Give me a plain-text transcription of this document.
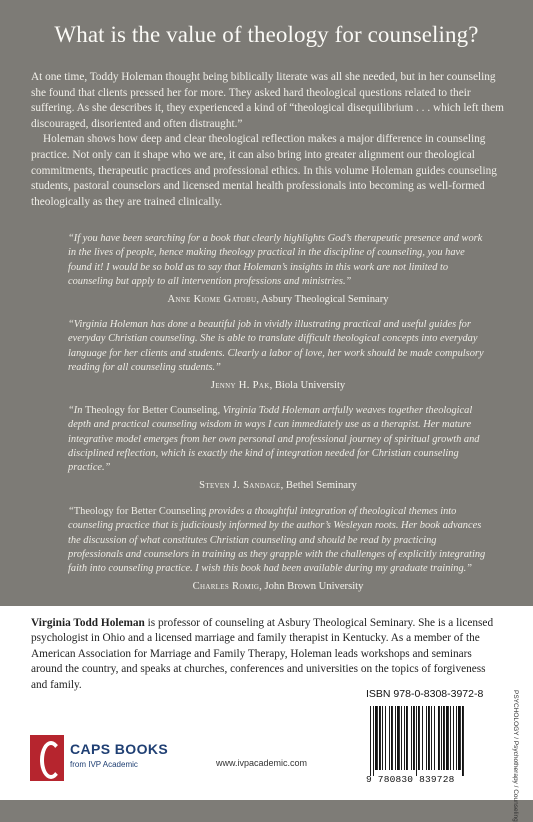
What is the value of theology for counseling?

At one time, Toddy Holeman thought being biblically literate was all she needed, but in her counseling she found that clients pressed her for more. They asked hard theological questions related to their suffering. As she describes it, they experienced a kind of “theological disequilibrium . . . which left them discouraged, disoriented and often distraught.”

Holeman shows how deep and clear theological reflection makes a major difference in counseling practice. Not only can it shape who we are, it can also bring into greater alignment our theological commitments, therapeutic practices and professional ethics. In this volume Holeman guides counseling students, pastoral counselors and licensed mental health professionals into becoming as well-formed theologically as they are trained clinically.

“If you have been searching for a book that clearly highlights God’s therapeutic presence and work in the lives of people, hence making theology practical in the discipline of counseling, you have found it! I would be so bold as to say that Holeman’s insights in this work are not limited to counseling but apply to all intervention professions and ministries.”

Anne Kiome Gatobu, Asbury Theological Seminary

“Virginia Holeman has done a beautiful job in vividly illustrating practical and useful guides for everyday Christian counseling. She is able to translate difficult theological concepts into everyday language for her clients and students. Clearly a labor of love, her work should be made compulsory reading for all counseling students.”

Jenny H. Pak, Biola University

“In Theology for Better Counseling, Virginia Todd Holeman artfully weaves together theological depth and practical counseling wisdom in ways I can immediately use as a therapist. Her mature integrative model emerges from her own personal and professional journey of spiritual growth and disciplined reflection, which is exactly the kind of integration needed for Christian counseling practice.”

Steven J. Sandage, Bethel Seminary

“Theology for Better Counseling provides a thoughtful integration of theological themes into counseling practice that is judiciously informed by the author’s Wesleyan roots. Her book advances the discussion of what constitutes Christian counseling and should be read by practicing professionals and counselors in training as they grapple with the challenges of explicitly integrating faith into counseling practice. I wish this book had been available during my graduate training.”

Charles Romig, John Brown University

Virginia Todd Holeman is professor of counseling at Asbury Theological Seminary. She is a licensed psychologist in Ohio and a licensed marriage and family therapist in Kentucky. As a member of the American Association for Marriage and Family Therapy, Holeman leads workshops and seminars around the country, and speaks at churches, conferences and universities on the topics of forgiveness and family.
CAPS BOOKS
from IVP Academic	www.ivpacademic.com
ISBN 978-0-8308-3972-8
9 780830 839728	PSYCHOLOGY / Psychotherapy / Counseling
